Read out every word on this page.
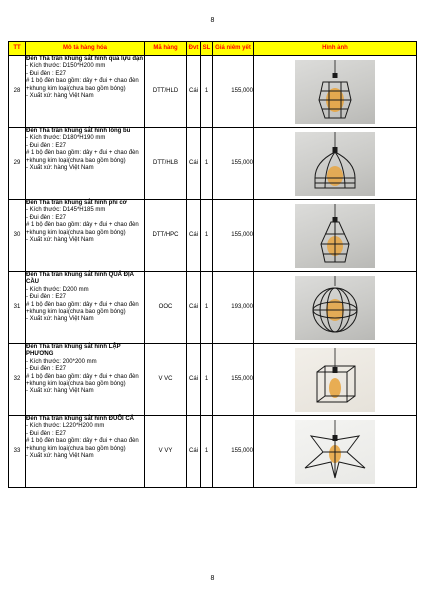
8
TT	Mô tả hàng hóa	Mã hàng	Đvt	SL	Giá niêm yết	Hình ảnh
28	Đèn Thả trần khung sắt hình quả lựu đạn
- Kích thước: D150*H200 mm
- Đui đèn : E27
# 1 bộ đèn bao gồm: dây + đui + chao đèn +khung kim loại(chưa bao gồm bóng)
- Xuất xứ: hàng Việt Nam	DTT/HLD	Cái	1	155,000	

29	Đèn Thả trần khung sắt hình lồng bu
- Kích thước: D180*H190 mm
- Đui đèn : E27
# 1 bộ đèn bao gồm: dây + đui + chao đèn +khung kim loại(chưa bao gồm bóng)
- Xuất xứ: hàng Việt Nam	DTT/HLB	Cái	1	155,000	

30	Đèn Thả trần khung sắt hình phi cơ
- Kích thước: D145*H185 mm
- Đui đèn : E27
# 1 bộ đèn bao gồm: dây + đui + chao đèn +khung kim loại(chưa bao gồm bóng)
- Xuất xứ: hàng Việt Nam	DTT/HPC	Cái	1	155,000	

31	Đèn Thả trần khung sắt hình QUẢ ĐỊA CẦU
- Kích thước: D200 mm
- Đui đèn : E27
# 1 bộ đèn bao gồm: dây + đui + chao đèn +khung kim loại(chưa bao gồm bóng)
- Xuất xứ: hàng Việt Nam	OOC	Cái	1	193,000	

32	Đèn Thả trần khung sắt hình LẬP PHƯƠNG
- Kích thước: 200*200 mm
- Đui đèn : E27
# 1 bộ đèn bao gồm: dây + đui + chao đèn +khung kim loại(chưa bao gồm bóng)
- Xuất xứ: hàng Việt Nam	V VC	Cái	1	155,000	

33	Đèn Thả trần khung sắt hình ĐUÔI CÁ
- Kích thước: L220*H200 mm
- Đui đèn : E27
# 1 bộ đèn bao gồm: dây + đui + chao đèn +khung kim loại(chưa bao gồm bóng)
- Xuất xứ: hàng Việt Nam	V VY	Cái	1	155,000	
8
